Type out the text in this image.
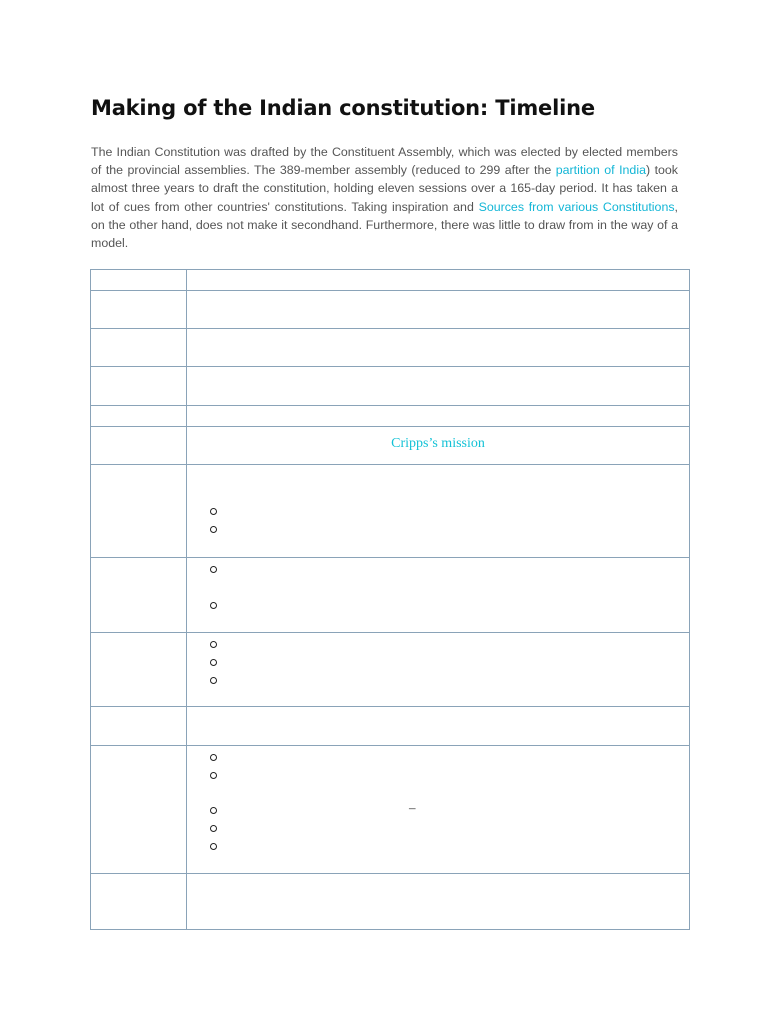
Making of the Indian constitution: Timeline

The Indian Constitution was drafted by the Constituent Assembly, which was elected by elected members of the provincial assemblies. The 389-member assembly (reduced to 299 after the partition of India) took almost three years to draft the constitution, holding eleven sessions over a 165-day period. It has taken a lot of cues from other countries' constitutions. Taking inspiration and Sources from various Constitutions, on the other hand, does not make it secondhand. Furthermore, there was little to draw from in the way of a model.

	Cripps’s mission

	–
